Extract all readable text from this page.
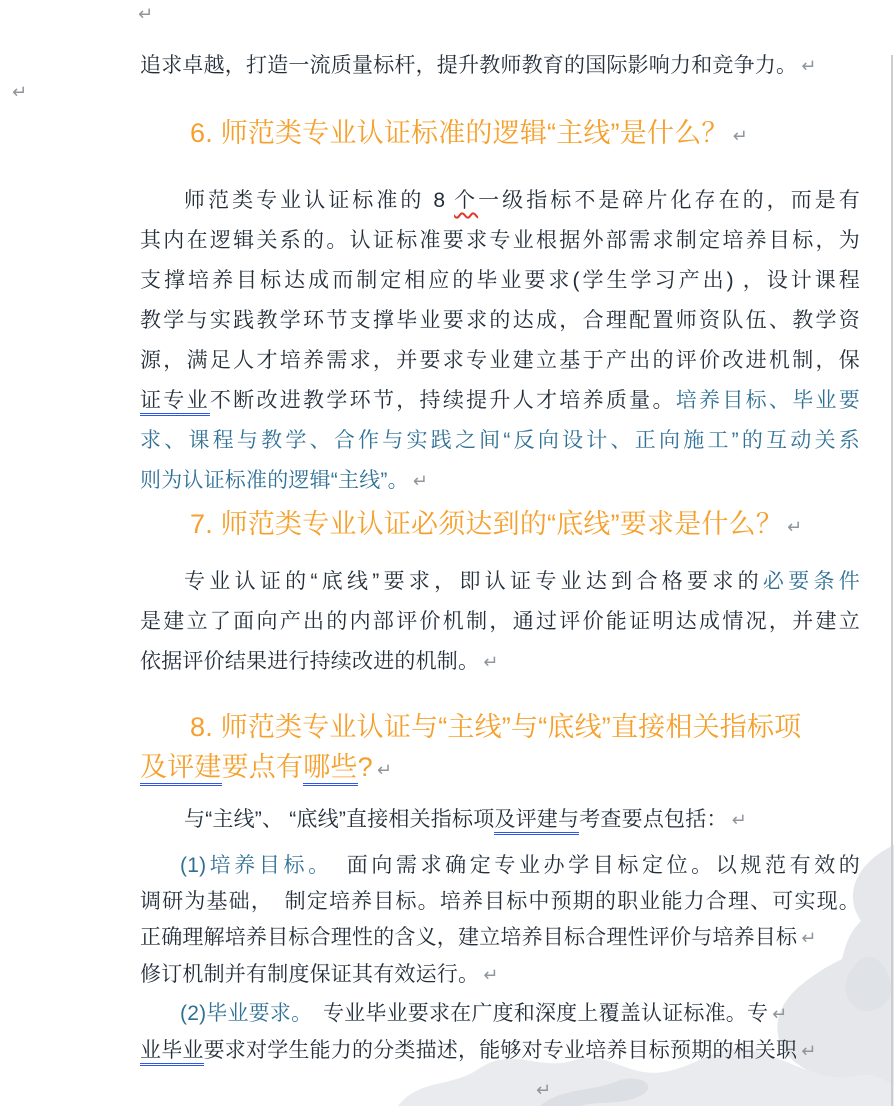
↵
↵
追求卓越，打造一流质量标杆，提升教师教育的国际影响力和竞争力。 ↵
6. 师范类专业认证标准的逻辑“主线”是什么？ ↵
师范类专业认证标准的 8 个一级指标不是碎片化存在的，而是有
其内在逻辑关系的。认证标准要求专业根据外部需求制定培养目标，为
支撑培养目标达成而制定相应的毕业要求(学生学习产出) ，设计课程
教学与实践教学环节支撑毕业要求的达成，合理配置师资队伍、教学资
源，满足人才培养需求，并要求专业建立基于产出的评价改进机制，保
证专业不断改进教学环节，持续提升人才培养质量。培养目标、毕业要
求、课程与教学、合作与实践之间“反向设计、正向施工”的互动关系
则为认证标准的逻辑“主线”。 ↵
7. 师范类专业认证必须达到的“底线”要求是什么？ ↵
专业认证的“底线”要求，即认证专业达到合格要求的必要条件
是建立了面向产出的内部评价机制，通过评价能证明达成情况，并建立
依据评价结果进行持续改进的机制。 ↵
8. 师范类专业认证与“主线”与“底线”直接相关指标项
及评建要点有哪些? ↵
与“主线”、 “底线”直接相关指标项及评建与考查要点包括： ↵
(1)培养目标。　面向需求确定专业办学目标定位。以规范有效的
调研为基础，　制定培养目标。培养目标中预期的职业能力合理、可实现。
正确理解培养目标合理性的含义，建立培养目标合理性评价与培养目标 ↵
修订机制并有制度保证其有效运行。 ↵
(2)毕业要求。　专业毕业要求在广度和深度上覆盖认证标准。专 ↵
业毕业要求对学生能力的分类描述，能够对专业培养目标预期的相关职 ↵
↵
